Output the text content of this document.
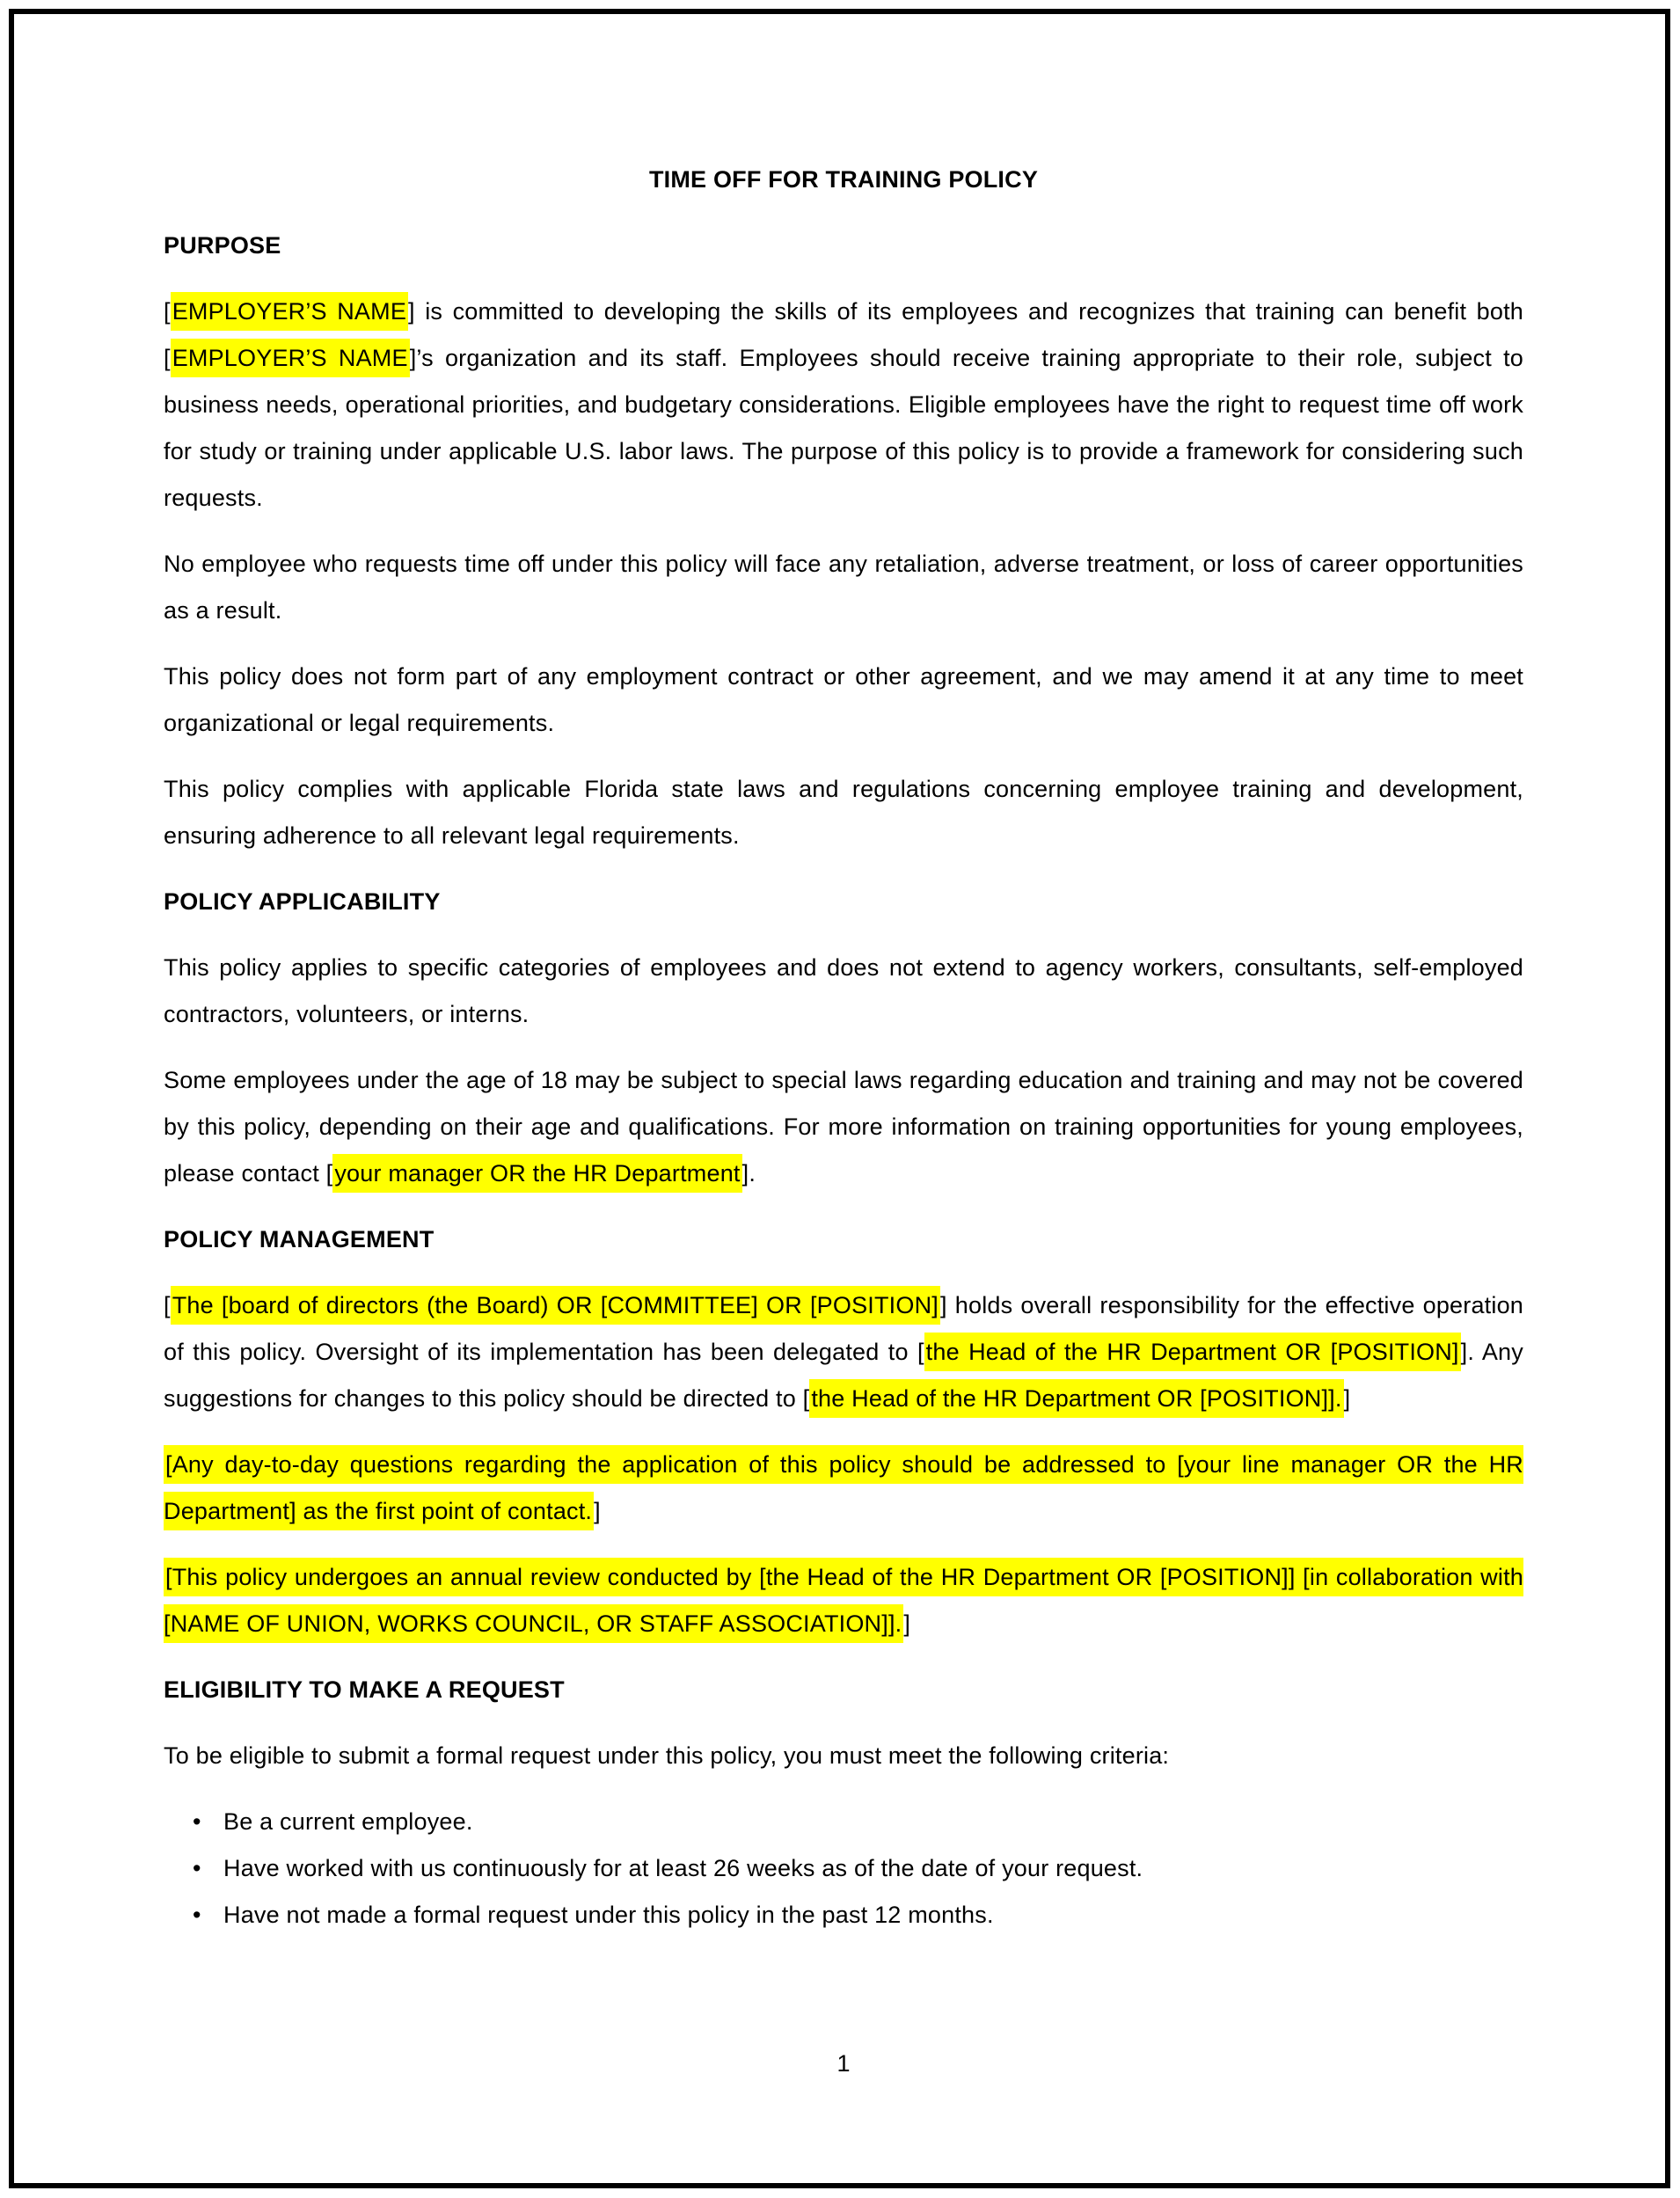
TIME OFF FOR TRAINING POLICY
PURPOSE

[EMPLOYER’S NAME] is committed to developing the skills of its employees and recognizes that training can benefit both [EMPLOYER’S NAME]’s organization and its staff. Employees should receive training appropriate to their role, subject to business needs, operational priorities, and budgetary considerations. Eligible employees have the right to request time off work for study or training under applicable U.S. labor laws. The purpose of this policy is to provide a framework for considering such requests.

No employee who requests time off under this policy will face any retaliation, adverse treatment, or loss of career opportunities as a result.

This policy does not form part of any employment contract or other agreement, and we may amend it at any time to meet organizational or legal requirements.

This policy complies with applicable Florida state laws and regulations concerning employee training and development, ensuring adherence to all relevant legal requirements.

POLICY APPLICABILITY

This policy applies to specific categories of employees and does not extend to agency workers, consultants, self-employed contractors, volunteers, or interns.

Some employees under the age of 18 may be subject to special laws regarding education and training and may not be covered by this policy, depending on their age and qualifications. For more information on training opportunities for young employees, please contact [your manager OR the HR Department].

POLICY MANAGEMENT

[The [board of directors (the Board) OR [COMMITTEE] OR [POSITION]] holds overall responsibility for the effective operation of this policy. Oversight of its implementation has been delegated to [the Head of the HR Department OR [POSITION]]. Any suggestions for changes to this policy should be directed to [the Head of the HR Department OR [POSITION]].]

[Any day-to-day questions regarding the application of this policy should be addressed to [your line manager OR the HR Department] as the first point of contact.]

[This policy undergoes an annual review conducted by [the Head of the HR Department OR [POSITION]] [in collaboration with [NAME OF UNION, WORKS COUNCIL, OR STAFF ASSOCIATION]].]

ELIGIBILITY TO MAKE A REQUEST

To be eligible to submit a formal request under this policy, you must meet the following criteria:

• Be a current employee.
• Have worked with us continuously for at least 26 weeks as of the date of your request.
• Have not made a formal request under this policy in the past 12 months.
1
